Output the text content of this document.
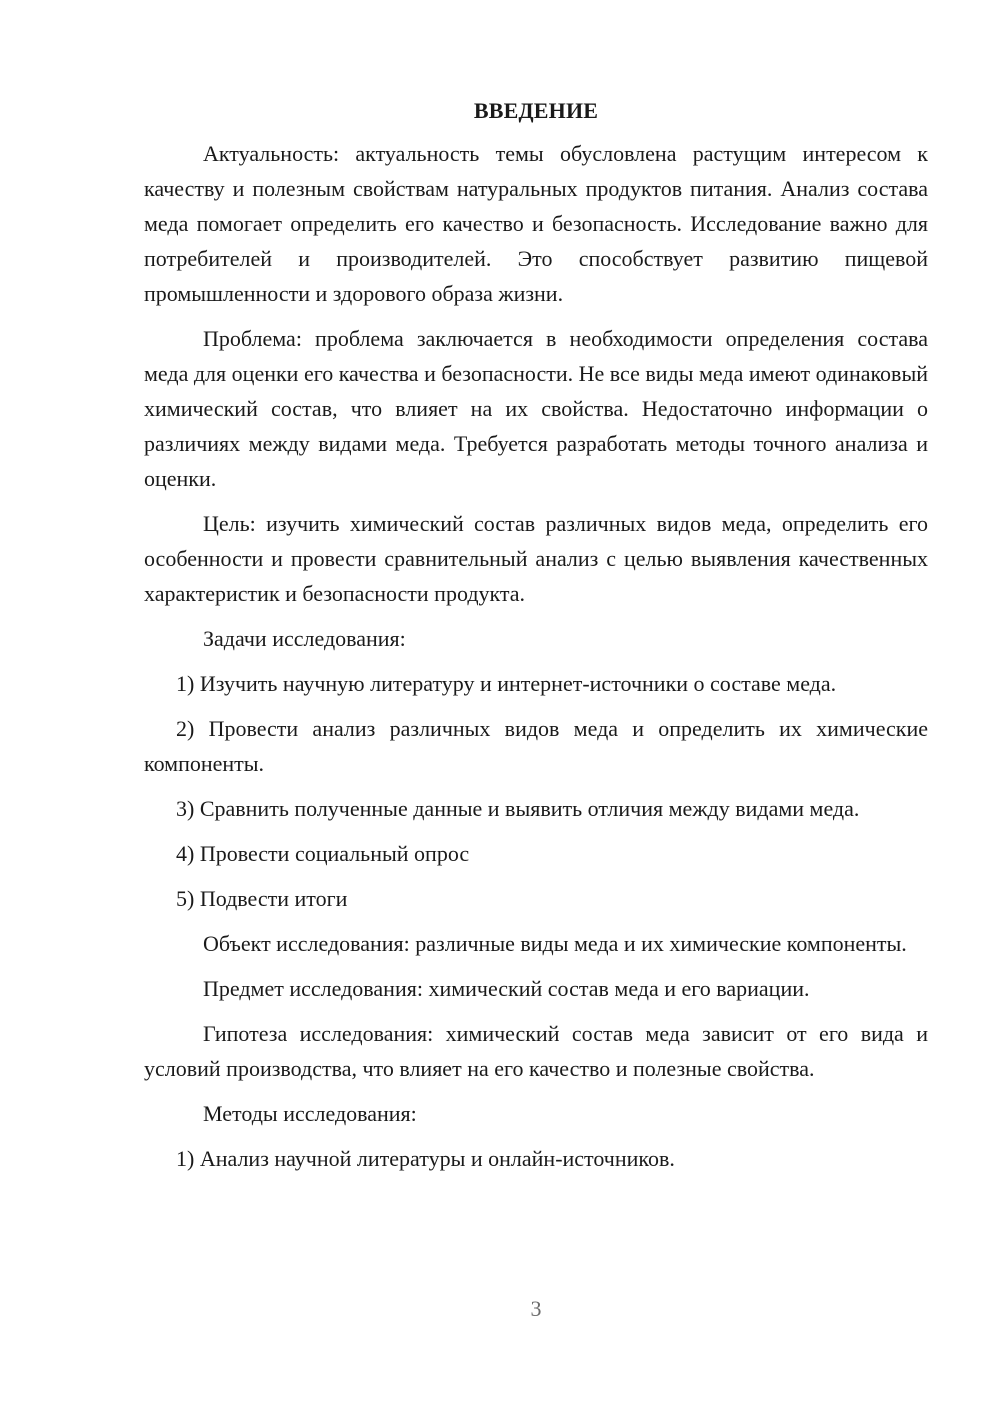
ВВЕДЕНИЕ

Актуальность: актуальность темы обусловлена растущим интересом к качеству и полезным свойствам натуральных продуктов питания. Анализ состава меда помогает определить его качество и безопасность. Исследование важно для потребителей и производителей. Это способствует развитию пищевой промышленности и здорового образа жизни.

Проблема: проблема заключается в необходимости определения состава меда для оценки его качества и безопасности. Не все виды меда имеют одинаковый химический состав, что влияет на их свойства. Недостаточно информации о различиях между видами меда. Требуется разработать методы точного анализа и оценки.

Цель: изучить химический состав различных видов меда, определить его особенности и провести сравнительный анализ с целью выявления качественных характеристик и безопасности продукта.

Задачи исследования:

1) Изучить научную литературу и интернет-источники о составе меда.

2) Провести анализ различных видов меда и определить их химические компоненты.

3) Сравнить полученные данные и выявить отличия между видами меда.

4) Провести социальный опрос

5) Подвести итоги

Объект исследования: различные виды меда и их химические компоненты.

Предмет исследования: химический состав меда и его вариации.

Гипотеза исследования: химический состав меда зависит от его вида и условий производства, что влияет на его качество и полезные свойства.

Методы исследования:

1) Анализ научной литературы и онлайн-источников.

3
